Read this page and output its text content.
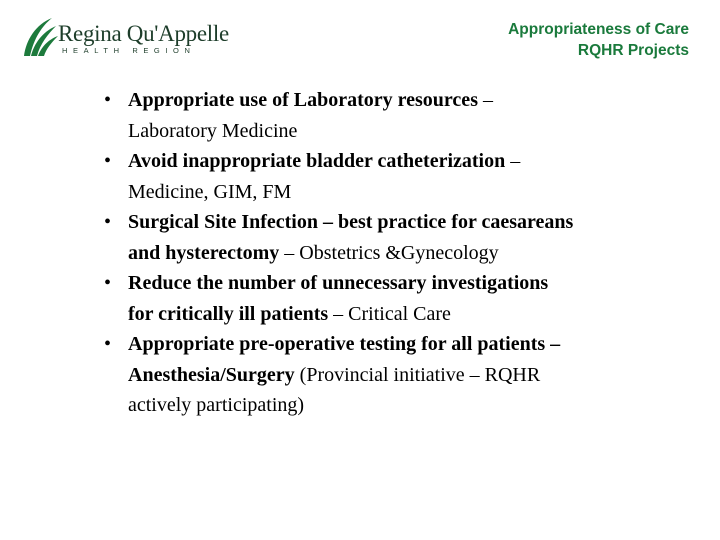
Regina Qu'Appelle
HEALTH REGION
Appropriateness of Care
RQHR Projects
• Appropriate use of Laboratory resources – Laboratory Medicine
• Avoid inappropriate bladder catheterization – Medicine, GIM, FM
• Surgical Site Infection – best practice for caesareans and hysterectomy – Obstetrics &Gynecology
• Reduce the number of unnecessary investigations for critically ill patients – Critical Care
• Appropriate pre-operative testing for all patients – Anesthesia/Surgery (Provincial initiative – RQHR actively participating)
